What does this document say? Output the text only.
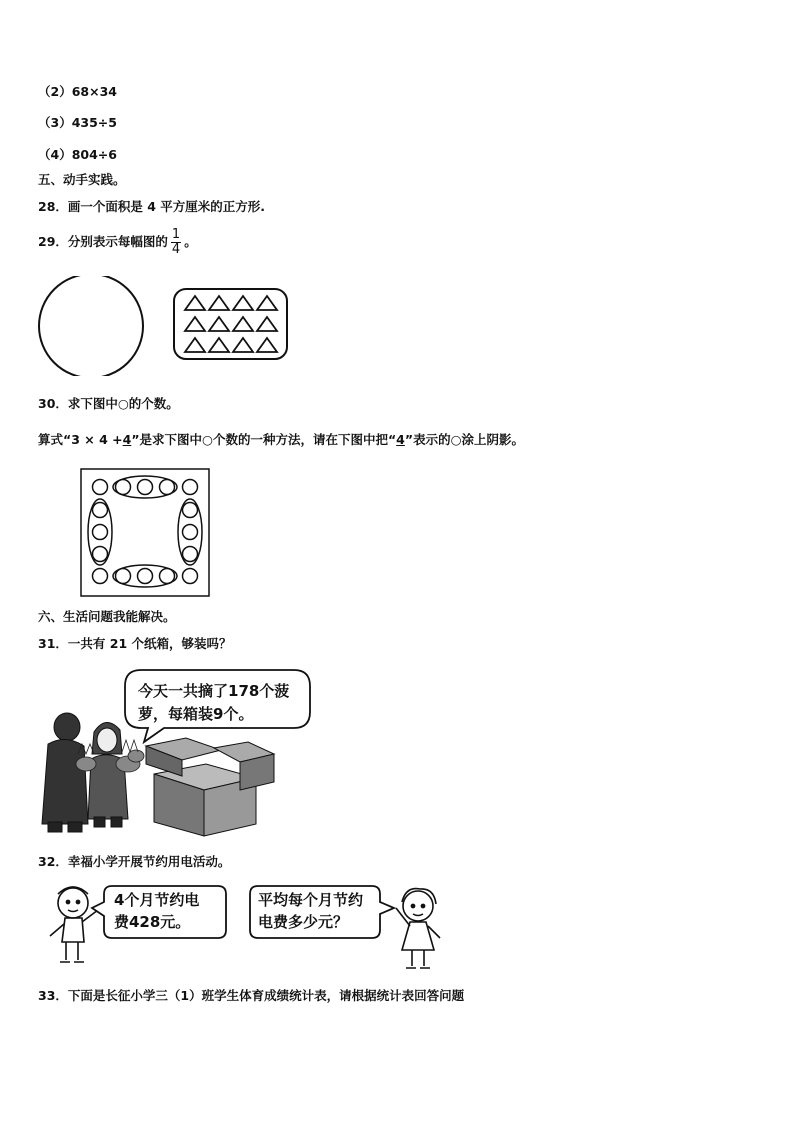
（2）68×34
（3）435÷5
（4）804÷6
五、动手实践。
28．画一个面积是 4 平方厘米的正方形.
29．分别表示每幅图的 $\frac{1}{4}$ 。
30．求下图中○的个数。
算式“3 × 4 +4”是求下图中○个数的一种方法，请在下图中把“4”表示的○涂上阴影。
六、生活问题我能解决。
31．一共有 21 个纸箱，够装吗？
今天一共摘了178个菠
萝，每箱装9个。
32．幸福小学开展节约用电活动。
4个月节约电
费428元。
平均每个月节约
电费多少元？
33．下面是长征小学三（1）班学生体育成绩统计表，请根据统计表回答问题
